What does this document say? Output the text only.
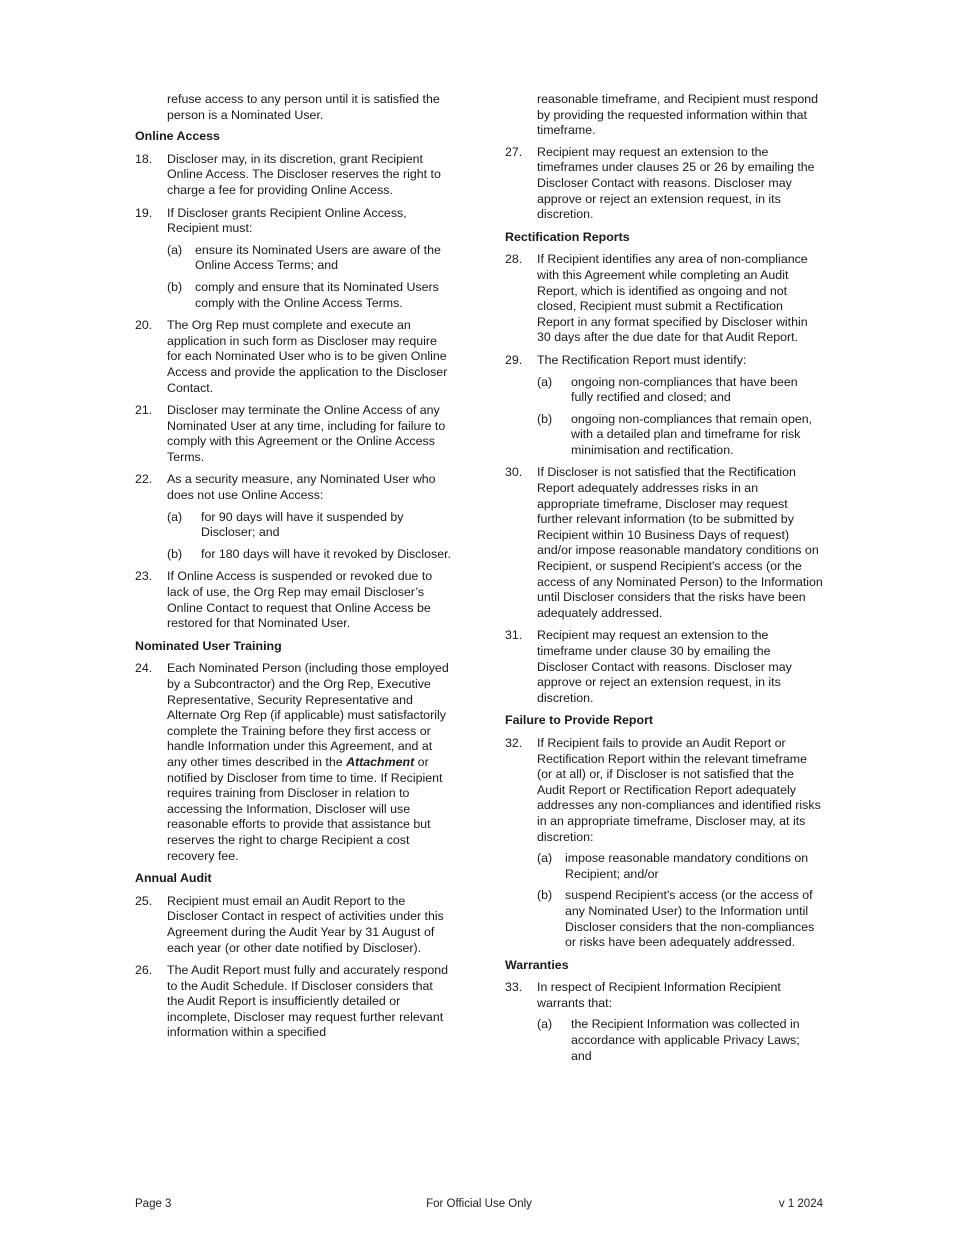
refuse access to any person until it is satisfied the person is a Nominated User.
Online Access
18. Discloser may, in its discretion, grant Recipient Online Access. The Discloser reserves the right to charge a fee for providing Online Access.
19. If Discloser grants Recipient Online Access, Recipient must:
(a) ensure its Nominated Users are aware of the Online Access Terms; and
(b) comply and ensure that its Nominated Users comply with the Online Access Terms.
20. The Org Rep must complete and execute an application in such form as Discloser may require for each Nominated User who is to be given Online Access and provide the application to the Discloser Contact.
21. Discloser may terminate the Online Access of any Nominated User at any time, including for failure to comply with this Agreement or the Online Access Terms.
22. As a security measure, any Nominated User who does not use Online Access:
(a) for 90 days will have it suspended by Discloser; and
(b) for 180 days will have it revoked by Discloser.
23. If Online Access is suspended or revoked due to lack of use, the Org Rep may email Discloser’s Online Contact to request that Online Access be restored for that Nominated User.
Nominated User Training
24. Each Nominated Person (including those employed by a Subcontractor) and the Org Rep, Executive Representative, Security Representative and Alternate Org Rep (if applicable) must satisfactorily complete the Training before they first access or handle Information under this Agreement, and at any other times described in the Attachment or notified by Discloser from time to time. If Recipient requires training from Discloser in relation to accessing the Information, Discloser will use reasonable efforts to provide that assistance but reserves the right to charge Recipient a cost recovery fee.
Annual Audit
25. Recipient must email an Audit Report to the Discloser Contact in respect of activities under this Agreement during the Audit Year by 31 August of each year (or other date notified by Discloser).
26. The Audit Report must fully and accurately respond to the Audit Schedule. If Discloser considers that the Audit Report is insufficiently detailed or incomplete, Discloser may request further relevant information within a specified
reasonable timeframe, and Recipient must respond by providing the requested information within that timeframe.
27. Recipient may request an extension to the timeframes under clauses 25 or 26 by emailing the Discloser Contact with reasons. Discloser may approve or reject an extension request, in its discretion.
Rectification Reports
28. If Recipient identifies any area of non-compliance with this Agreement while completing an Audit Report, which is identified as ongoing and not closed, Recipient must submit a Rectification Report in any format specified by Discloser within 30 days after the due date for that Audit Report.
29. The Rectification Report must identify:
(a) ongoing non-compliances that have been fully rectified and closed; and
(b) ongoing non-compliances that remain open, with a detailed plan and timeframe for risk minimisation and rectification.
30. If Discloser is not satisfied that the Rectification Report adequately addresses risks in an appropriate timeframe, Discloser may request further relevant information (to be submitted by Recipient within 10 Business Days of request) and/or impose reasonable mandatory conditions on Recipient, or suspend Recipient's access (or the access of any Nominated Person) to the Information until Discloser considers that the risks have been adequately addressed.
31. Recipient may request an extension to the timeframe under clause 30 by emailing the Discloser Contact with reasons. Discloser may approve or reject an extension request, in its discretion.
Failure to Provide Report
32. If Recipient fails to provide an Audit Report or Rectification Report within the relevant timeframe (or at all) or, if Discloser is not satisfied that the Audit Report or Rectification Report adequately addresses any non-compliances and identified risks in an appropriate timeframe, Discloser may, at its discretion:
(a) impose reasonable mandatory conditions on Recipient; and/or
(b) suspend Recipient's access (or the access of any Nominated User) to the Information until Discloser considers that the non-compliances or risks have been adequately addressed.
Warranties
33. In respect of Recipient Information Recipient warrants that:
(a) the Recipient Information was collected in accordance with applicable Privacy Laws; and
Page 3	For Official Use Only	v 1 2024
